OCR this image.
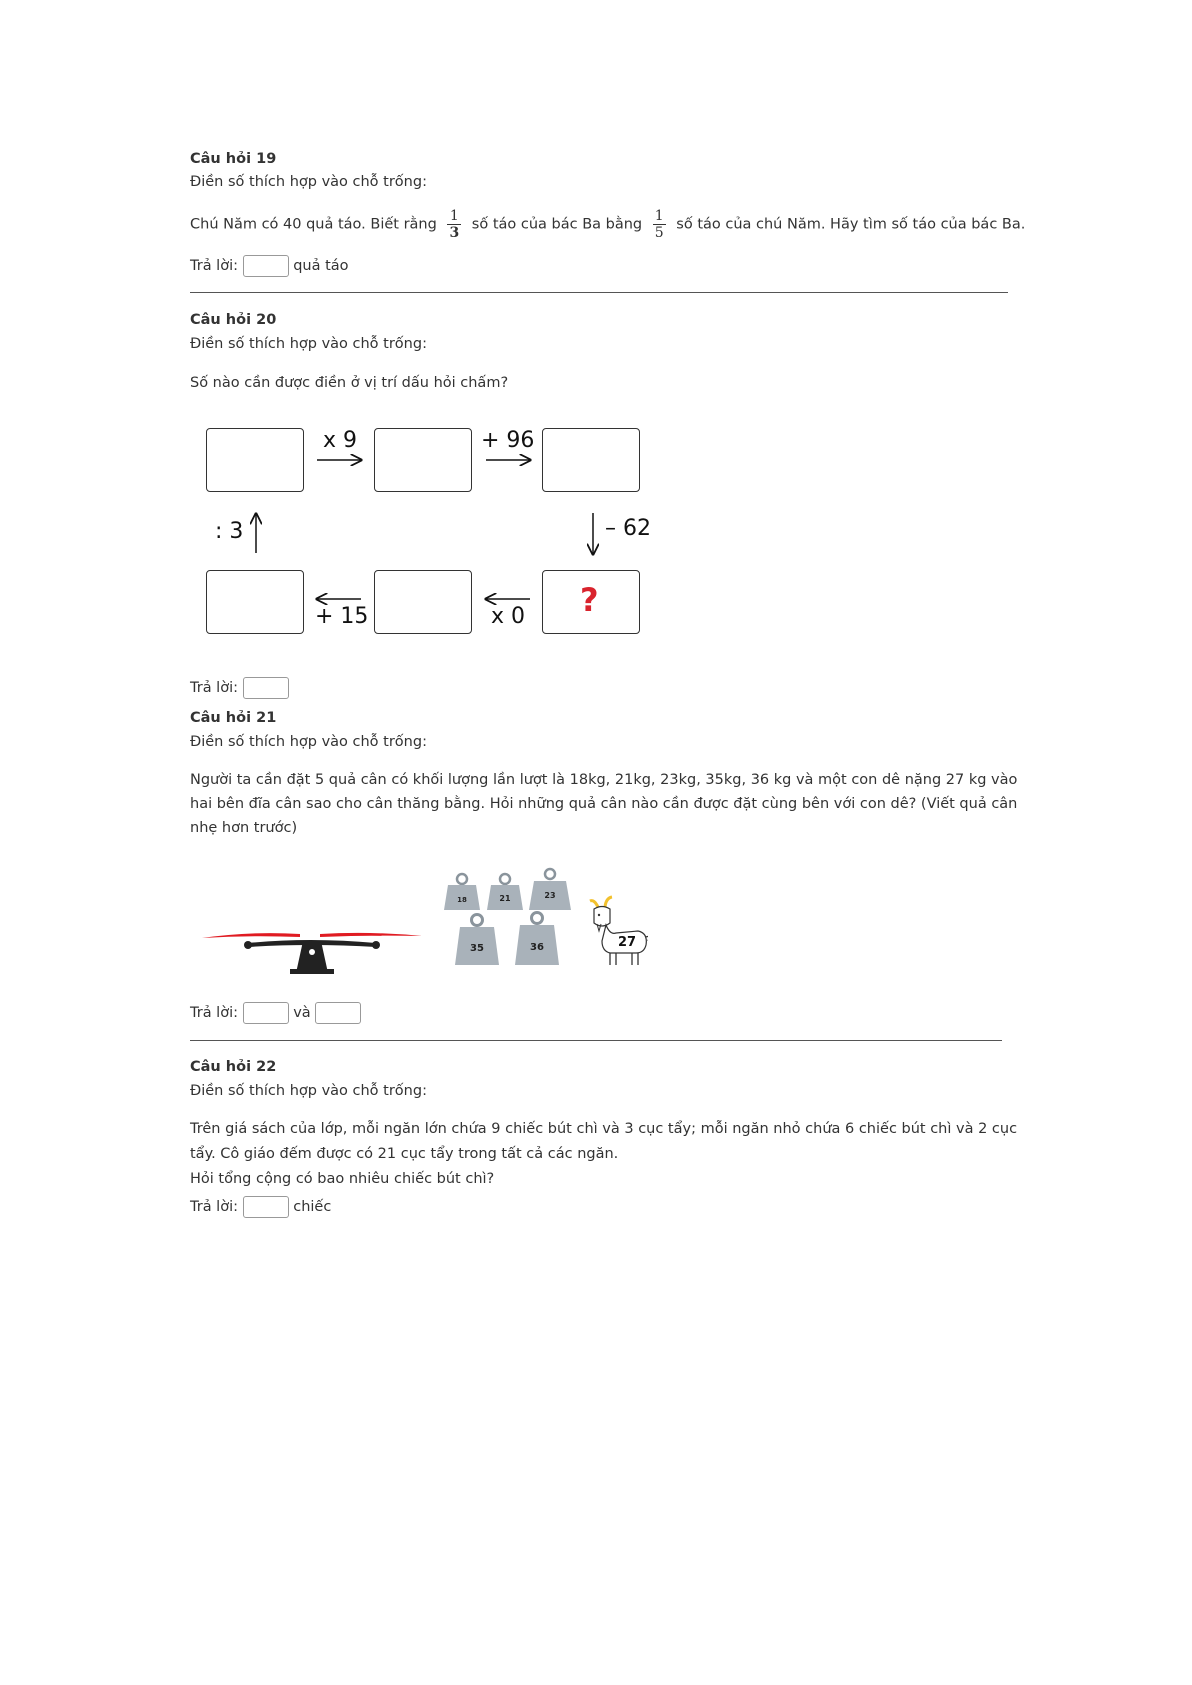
Câu hỏi 19
Điền số thích hợp vào chỗ trống:
Chú Năm có 40 quả táo. Biết rằng $\frac{1}{3}$ số táo của bác Ba bằng $\frac{1}{5}$ số táo của chú Năm. Hãy tìm số táo của bác Ba.
Trả lời:	quả táo
Câu hỏi 20
Điền số thích hợp vào chỗ trống:
Số nào cần được điền ở vị trí dấu hỏi chấm?
?
x 9	+ 96
– 62
x 0
+ 15
: 3
Trả lời:
Câu hỏi 21
Điền số thích hợp vào chỗ trống:
Người ta cần đặt 5 quả cân có khối lượng lần lượt là 18kg, 21kg, 23kg, 35kg, 36 kg và một con dê nặng 27 kg vào
hai bên đĩa cân sao cho cân thăng bằng. Hỏi những quả cân nào cần được đặt cùng bên với con dê? (Viết quả cân
nhẹ hơn trước)
18	21	23
35	36	27
Trả lời:	và
Câu hỏi 22
Điền số thích hợp vào chỗ trống:
Trên giá sách của lớp, mỗi ngăn lớn chứa 9 chiếc bút chì và 3 cục tẩy; mỗi ngăn nhỏ chứa 6 chiếc bút chì và 2 cục
tẩy. Cô giáo đếm được có 21 cục tẩy trong tất cả các ngăn.
Hỏi tổng cộng có bao nhiêu chiếc bút chì?
Trả lời:	chiếc
